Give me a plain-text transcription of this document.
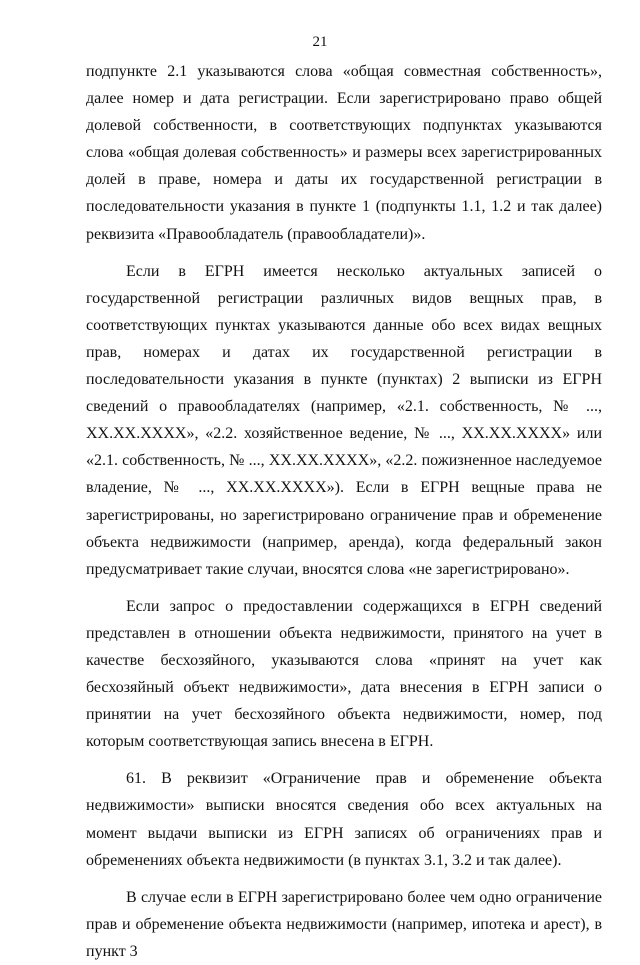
21

подпункте 2.1 указываются слова «общая совместная собственность», далее номер и дата регистрации. Если зарегистрировано право общей долевой собственности, в соответствующих подпунктах указываются слова «общая долевая собственность» и размеры всех зарегистрированных долей в праве, номера и даты их государственной регистрации в последовательности указания в пункте 1 (подпункты 1.1, 1.2 и так далее) реквизита «Правообладатель (правообладатели)».

Если в ЕГРН имеется несколько актуальных записей о государственной регистрации различных видов вещных прав, в соответствующих пунктах указываются данные обо всех видах вещных прав, номерах и датах их государственной регистрации в последовательности указания в пункте (пунктах) 2 выписки из ЕГРН сведений о правообладателях (например, «2.1. собственность, № ..., XX.XX.XXXX», «2.2. хозяйственное ведение, № ..., XX.XX.XXXX» или «2.1. собственность, № ..., XX.XX.XXXX», «2.2. пожизненное наследуемое владение, № ..., XX.XX.XXXX»). Если в ЕГРН вещные права не зарегистрированы, но зарегистрировано ограничение прав и обременение объекта недвижимости (например, аренда), когда федеральный закон предусматривает такие случаи, вносятся слова «не зарегистрировано».

Если запрос о предоставлении содержащихся в ЕГРН сведений представлен в отношении объекта недвижимости, принятого на учет в качестве бесхозяйного, указываются слова «принят на учет как бесхозяйный объект недвижимости», дата внесения в ЕГРН записи о принятии на учет бесхозяйного объекта недвижимости, номер, под которым соответствующая запись внесена в ЕГРН.

61. В реквизит «Ограничение прав и обременение объекта недвижимости» выписки вносятся сведения обо всех актуальных на момент выдачи выписки из ЕГРН записях об ограничениях прав и обременениях объекта недвижимости (в пунктах 3.1, 3.2 и так далее).

В случае если в ЕГРН зарегистрировано более чем одно ограничение прав и обременение объекта недвижимости (например, ипотека и арест), в пункт 3
